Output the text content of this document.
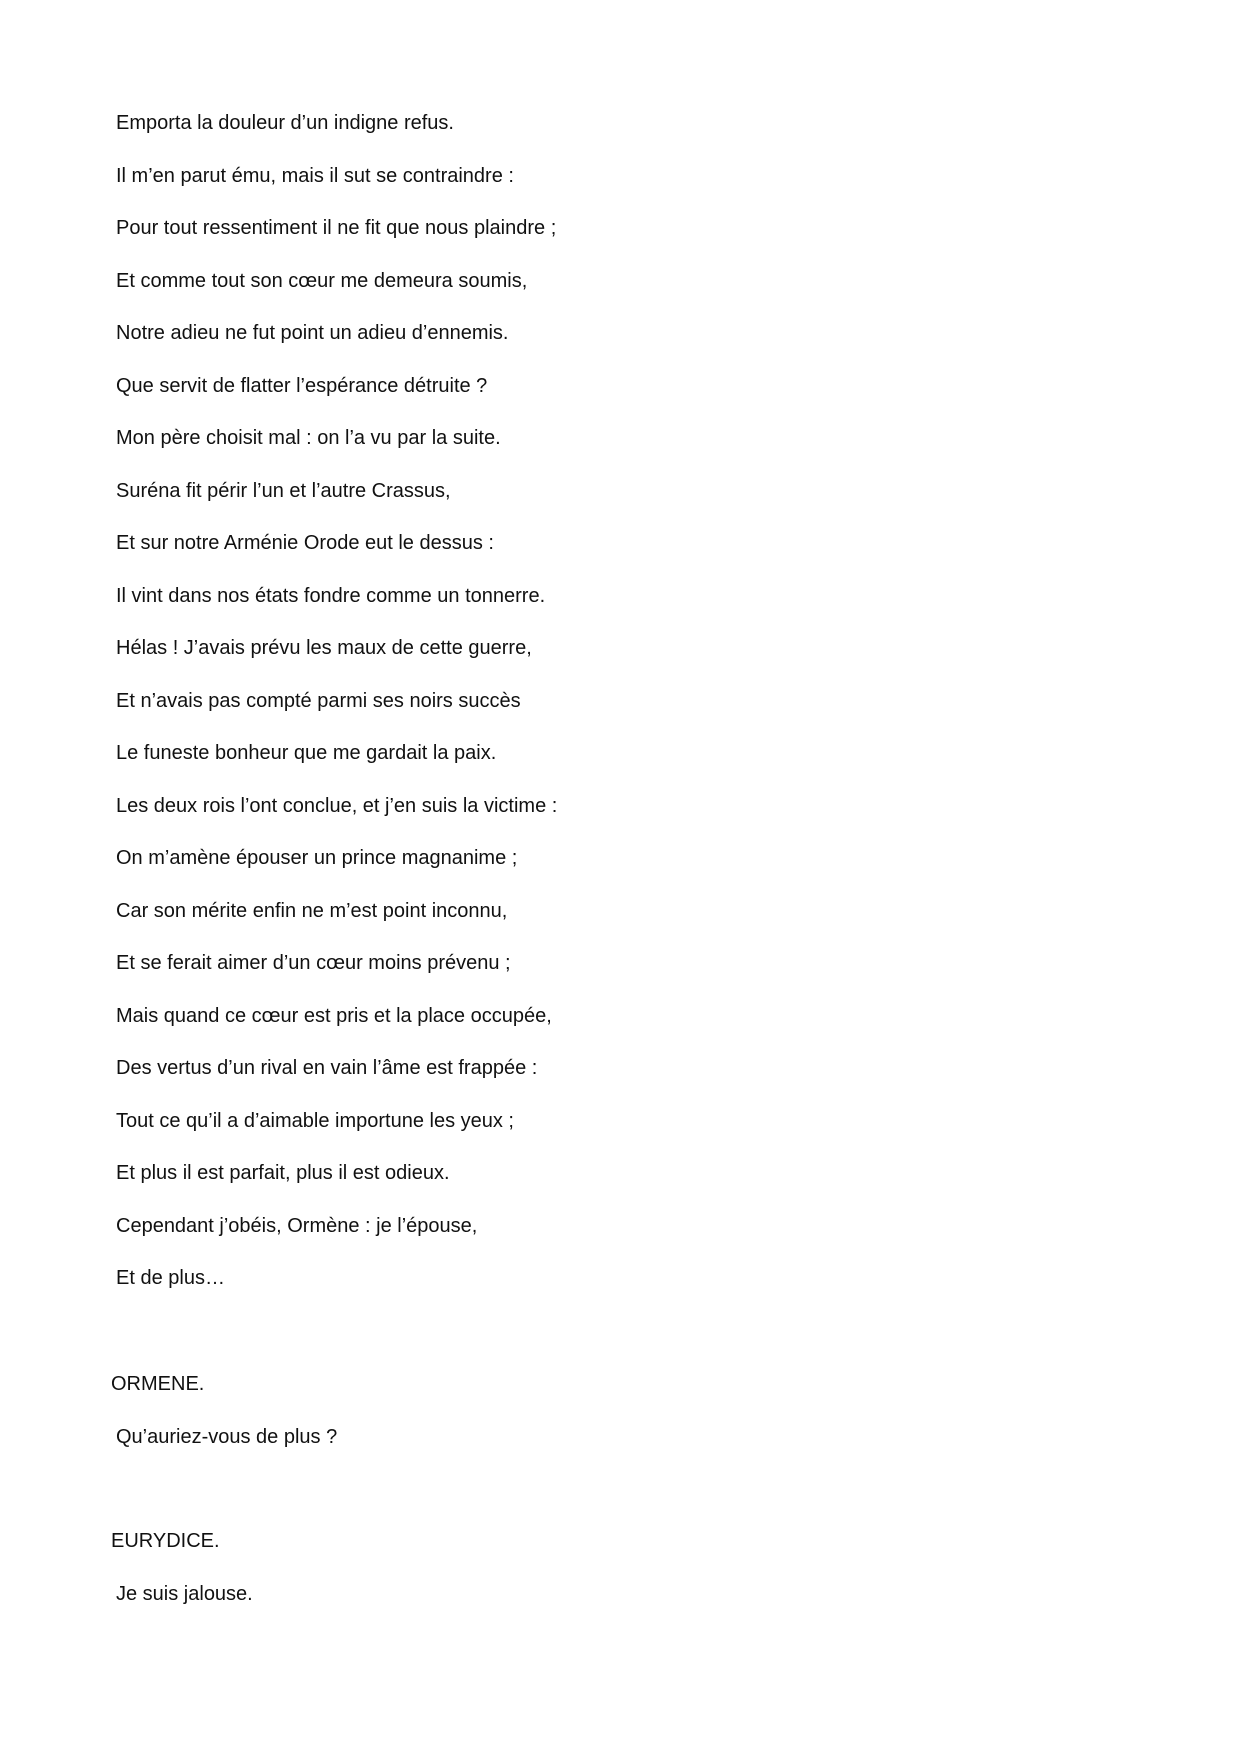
Emporta la douleur d’un indigne refus.
Il m’en parut ému, mais il sut se contraindre :
Pour tout ressentiment il ne fit que nous plaindre ;
Et comme tout son cœur me demeura soumis,
Notre adieu ne fut point un adieu d’ennemis.
Que servit de flatter l’espérance détruite ?
Mon père choisit mal : on l’a vu par la suite.
Suréna fit périr l’un et l’autre Crassus,
Et sur notre Arménie Orode eut le dessus :
Il vint dans nos états fondre comme un tonnerre.
Hélas ! J’avais prévu les maux de cette guerre,
Et n’avais pas compté parmi ses noirs succès
Le funeste bonheur que me gardait la paix.
Les deux rois l’ont conclue, et j’en suis la victime :
On m’amène épouser un prince magnanime ;
Car son mérite enfin ne m’est point inconnu,
Et se ferait aimer d’un cœur moins prévenu ;
Mais quand ce cœur est pris et la place occupée,
Des vertus d’un rival en vain l’âme est frappée :
Tout ce qu’il a d’aimable importune les yeux ;
Et plus il est parfait, plus il est odieux.
Cependant j’obéis, Ormène : je l’épouse,
Et de plus…

ORMENE.

Qu’auriez-vous de plus ?

EURYDICE.

Je suis jalouse.
